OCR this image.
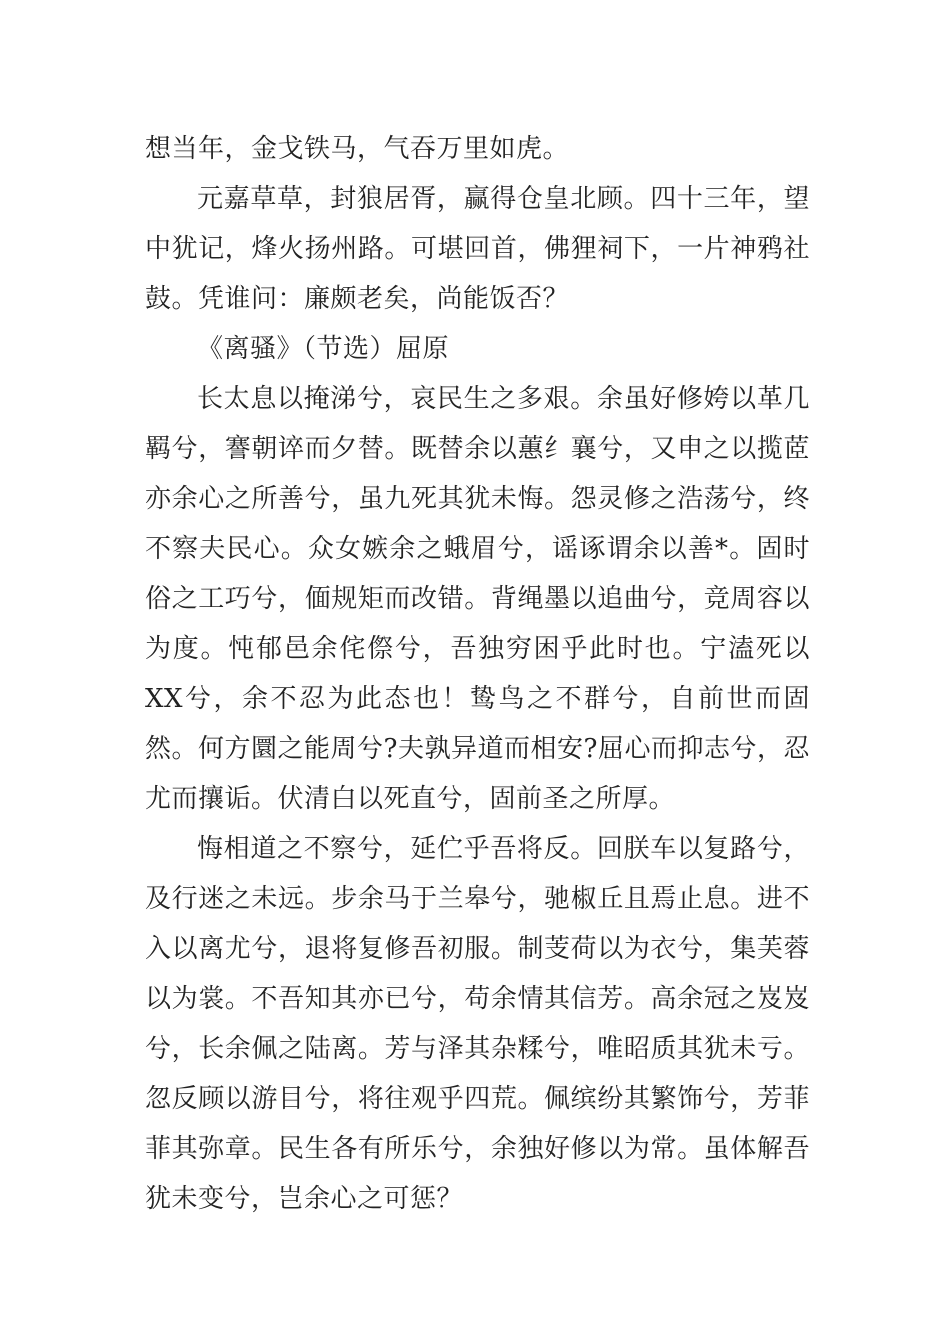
想当年，金戈铁马，气吞万里如虎。

元嘉草草，封狼居胥，赢得仓皇北顾。四十三年，望中犹记，烽火扬州路。可堪回首，佛狸祠下，一片神鸦社鼓。凭谁问：廉颇老矣，尚能饭否？

《离骚》（节选）屈原

长太息以掩涕兮，哀民生之多艰。余虽好修姱以革几羁兮，謇朝谇而夕替。既替余以蕙纟襄兮，又申之以揽茝亦余心之所善兮，虽九死其犹未悔。怨灵修之浩荡兮，终不察夫民心。众女嫉余之蛾眉兮，谣诼谓余以善*。固时俗之工巧兮，偭规矩而改错。背绳墨以追曲兮，竞周容以为度。忳郁邑余侘傺兮，吾独穷困乎此时也。宁溘死以XX兮，余不忍为此态也！鸷鸟之不群兮，自前世而固然。何方圜之能周兮?夫孰异道而相安?屈心而抑志兮，忍尤而攘诟。伏清白以死直兮，固前圣之所厚。

悔相道之不察兮，延伫乎吾将反。回朕车以复路兮，及行迷之未远。步余马于兰皋兮，驰椒丘且焉止息。进不入以离尤兮，退将复修吾初服。制芰荷以为衣兮，集芙蓉以为裳。不吾知其亦已兮，苟余情其信芳。高余冠之岌岌兮，长余佩之陆离。芳与泽其杂糅兮，唯昭质其犹未亏。忽反顾以游目兮，将往观乎四荒。佩缤纷其繁饰兮，芳菲菲其弥章。民生各有所乐兮，余独好修以为常。虽体解吾犹未变兮，岂余心之可惩？
